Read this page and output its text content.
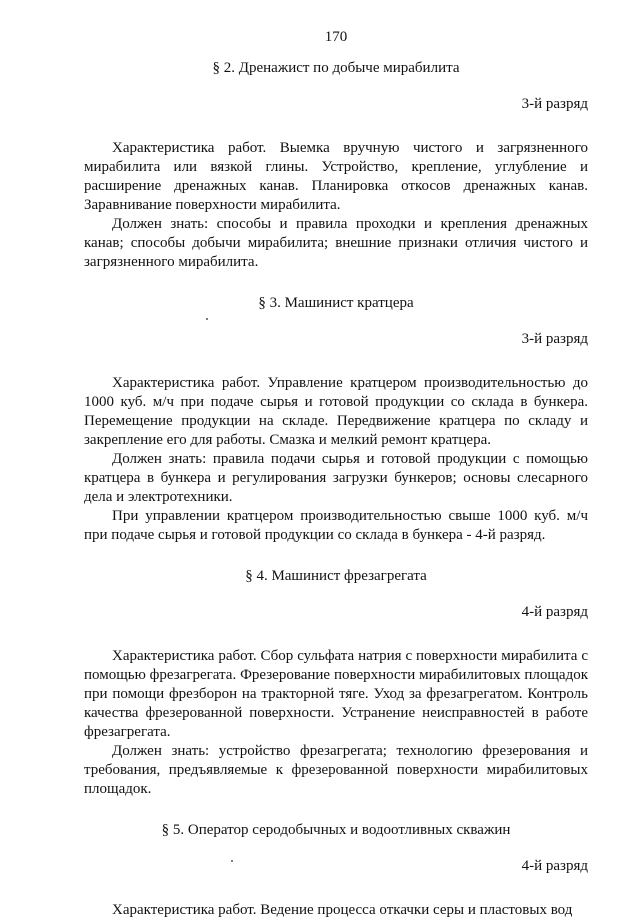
170

§ 2. Дренажист по добыче мирабилита

3-й разряд

Характеристика работ. Выемка вручную чистого и загрязненного мирабилита или вязкой глины. Устройство, крепление, углубление и расширение дренажных канав. Планировка откосов дренажных канав. Заравнивание поверхности мирабилита.

Должен знать: способы и правила проходки и крепления дренажных канав; способы добычи мирабилита; внешние признаки отличия чистого и загрязненного мирабилита.

§ 3. Машинист кратцера

3-й разряд

Характеристика работ. Управление кратцером производительностью до 1000 куб. м/ч при подаче сырья и готовой продукции со склада в бункера. Перемещение продукции на складе. Передвижение кратцера по складу и закрепление его для работы. Смазка и мелкий ремонт кратцера.

Должен знать: правила подачи сырья и готовой продукции с помощью кратцера в бункера и регулирования загрузки бункеров; основы слесарного дела и электротехники.

При управлении кратцером производительностью свыше 1000 куб. м/ч при подаче сырья и готовой продукции со склада в бункера - 4-й разряд.

§ 4. Машинист фрезагрегата

4-й разряд

Характеристика работ. Сбор сульфата натрия с поверхности мирабилита с помощью фрезагрегата. Фрезерование поверхности мирабилитовых площадок при помощи фрезборон на тракторной тяге. Уход за фрезагрегатом. Контроль качества фрезерованной поверхности. Устранение неисправностей в работе фрезагрегата.

Должен знать: устройство фрезагрегата; технологию фрезерования и требования, предъявляемые к фрезерованной поверхности мирабилитовых площадок.

§ 5. Оператор серодобычных и водоотливных скважин

4-й разряд

Характеристика работ. Ведение процесса откачки серы и пластовых вод
